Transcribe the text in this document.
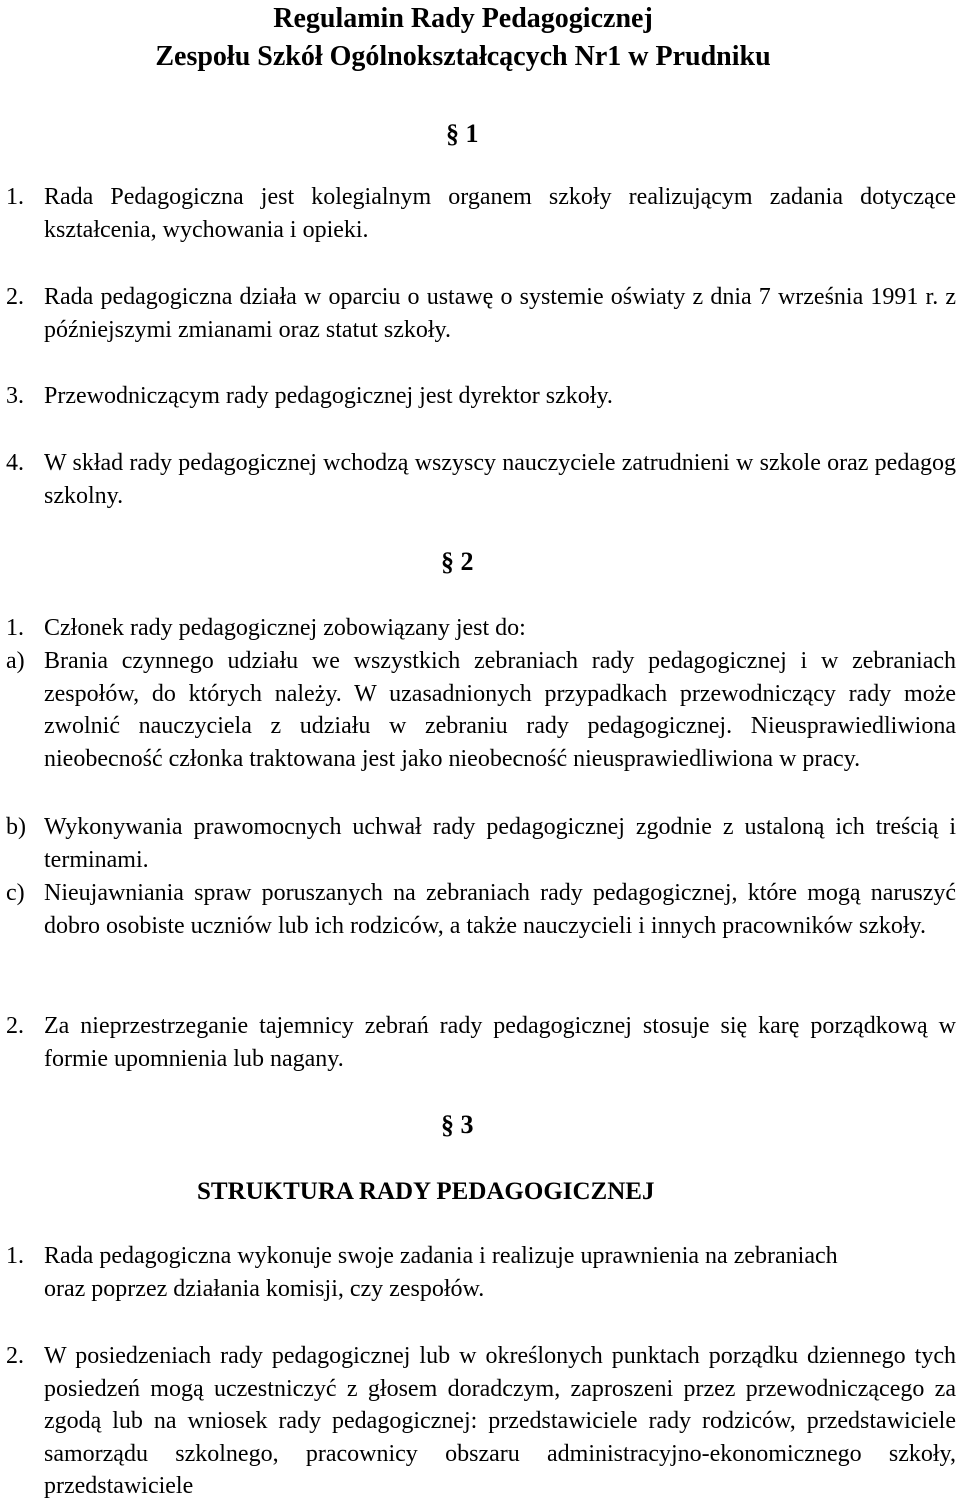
Regulamin Rady Pedagogicznej
Zespołu Szkół Ogólnokształcących Nr1 w Prudniku
§ 1
1. Rada Pedagogiczna jest kolegialnym organem szkoły realizującym zadania dotyczące kształcenia, wychowania i opieki.
2. Rada pedagogiczna działa w oparciu o ustawę o systemie oświaty z dnia 7 września 1991 r. z późniejszymi zmianami oraz statut szkoły.
3. Przewodniczącym rady pedagogicznej jest dyrektor szkoły.
4. W skład rady pedagogicznej wchodzą wszyscy nauczyciele zatrudnieni w szkole oraz pedagog szkolny.
§ 2
1. Członek rady pedagogicznej zobowiązany jest do:
a) Brania czynnego udziału we wszystkich zebraniach rady pedagogicznej i w zebraniach zespołów, do których należy. W uzasadnionych przypadkach przewodniczący rady może zwolnić nauczyciela z udziału w zebraniu rady pedagogicznej. Nieusprawiedliwiona nieobecność członka traktowana jest jako nieobecność nieusprawiedliwiona w pracy.
b) Wykonywania prawomocnych uchwał rady pedagogicznej zgodnie z ustaloną ich treścią i terminami.
c) Nieujawniania spraw poruszanych na zebraniach rady pedagogicznej, które mogą naruszyć dobro osobiste uczniów lub ich rodziców, a także nauczycieli i innych pracowników szkoły.
2. Za nieprzestrzeganie tajemnicy zebrań rady pedagogicznej stosuje się karę porządkową w formie upomnienia lub nagany.
§ 3
STRUKTURA RADY PEDAGOGICZNEJ
1. Rada pedagogiczna wykonuje swoje zadania i realizuje uprawnienia na zebraniach oraz poprzez działania komisji, czy zespołów.
2. W posiedzeniach rady pedagogicznej lub w określonych punktach porządku dziennego tych posiedzeń mogą uczestniczyć z głosem doradczym, zaproszeni przez przewodniczącego za zgodą lub na wniosek rady pedagogicznej: przedstawiciele rady rodziców, przedstawiciele samorządu szkolnego, pracownicy obszaru administracyjno-ekonomicznego szkoły, przedstawiciele
